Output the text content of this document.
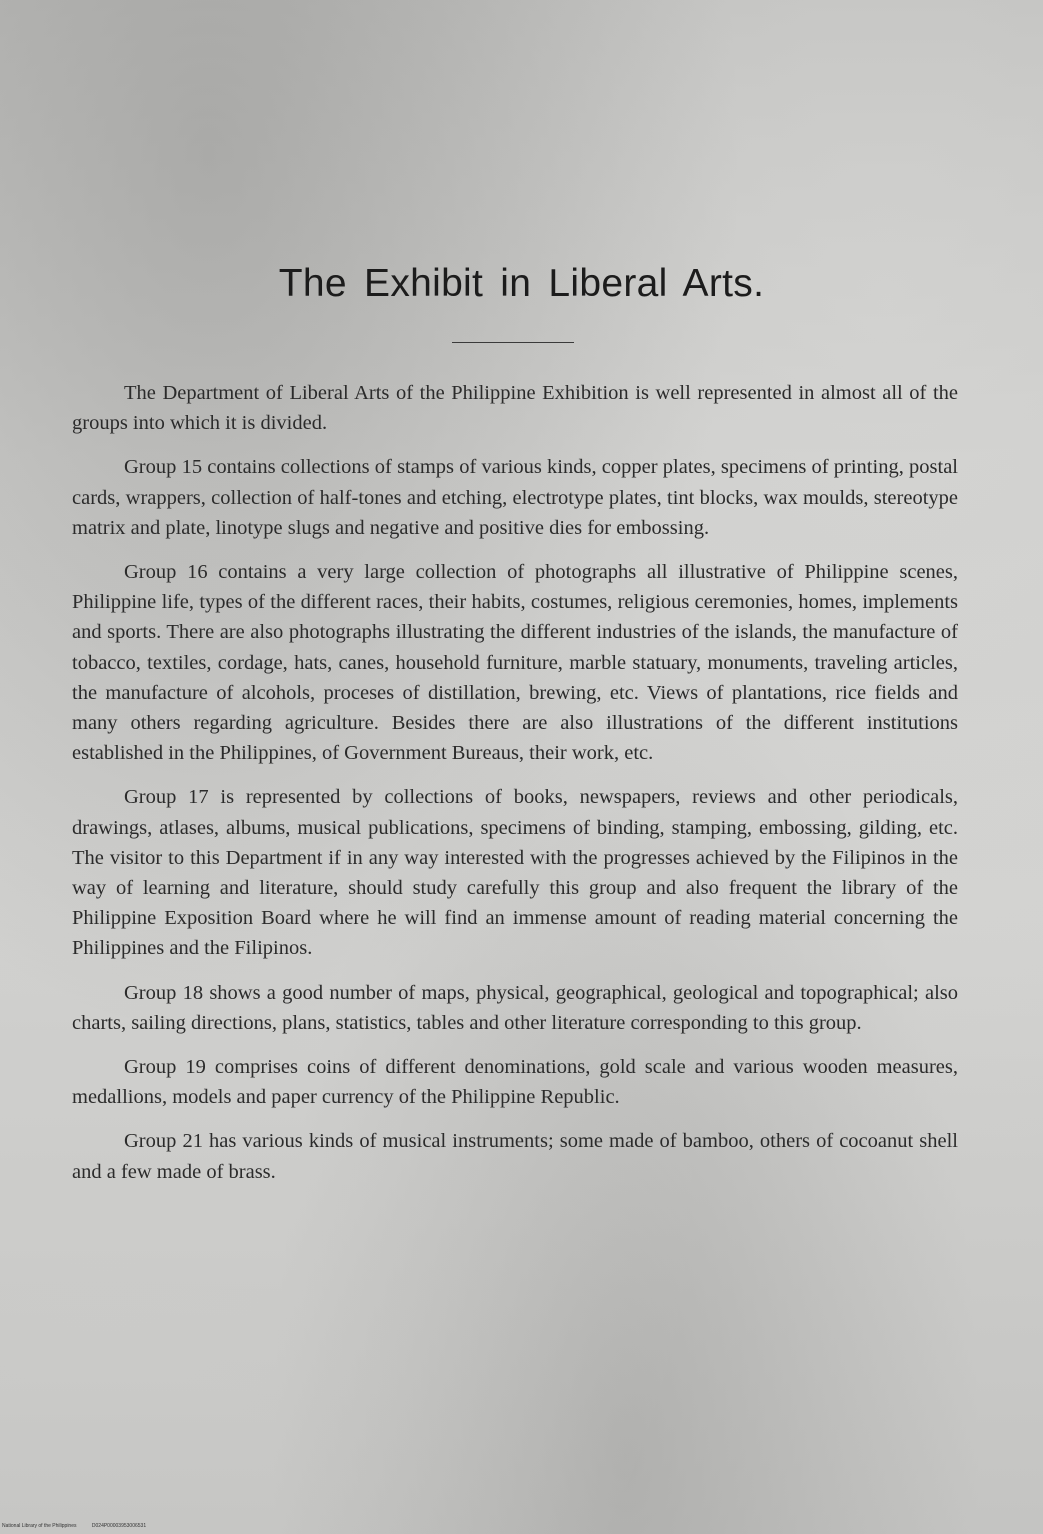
The Exhibit in Liberal Arts.

The Department of Liberal Arts of the Philippine Exhibition is well represented in almost all of the groups into which it is divided.

Group 15 contains collections of stamps of various kinds, copper plates, specimens of printing, postal cards, wrappers, collection of half-tones and etching, electrotype plates, tint blocks, wax moulds, stereotype matrix and plate, linotype slugs and negative and positive dies for embossing.

Group 16 contains a very large collection of photographs all illustrative of Philippine scenes, Philippine life, types of the different races, their habits, costumes, religious ceremonies, homes, implements and sports. There are also photographs illustrating the different industries of the islands, the manufacture of tobacco, textiles, cordage, hats, canes, household furniture, marble statuary, monuments, traveling articles, the manufacture of alcohols, proceses of distillation, brewing, etc. Views of plantations, rice fields and many others regarding agriculture. Besides there are also illustrations of the different institutions established in the Philippines, of Government Bureaus, their work, etc.

Group 17 is represented by collections of books, newspapers, reviews and other periodicals, drawings, atlases, albums, musical publications, specimens of binding, stamping, embossing, gilding, etc. The visitor to this Department if in any way interested with the progresses achieved by the Filipinos in the way of learning and literature, should study carefully this group and also frequent the library of the Philippine Exposition Board where he will find an immense amount of reading material concerning the Philippines and the Filipinos.

Group 18 shows a good number of maps, physical, geographical, geological and topographical; also charts, sailing directions, plans, statistics, tables and other literature corresponding to this group.

Group 19 comprises coins of different denominations, gold scale and various wooden measures, medallions, models and paper currency of the Philippine Republic.

Group 21 has various kinds of musical instruments; some made of bamboo, others of cocoanut shell and a few made of brass.

National Library of the Philippines	D024P00003953006531
